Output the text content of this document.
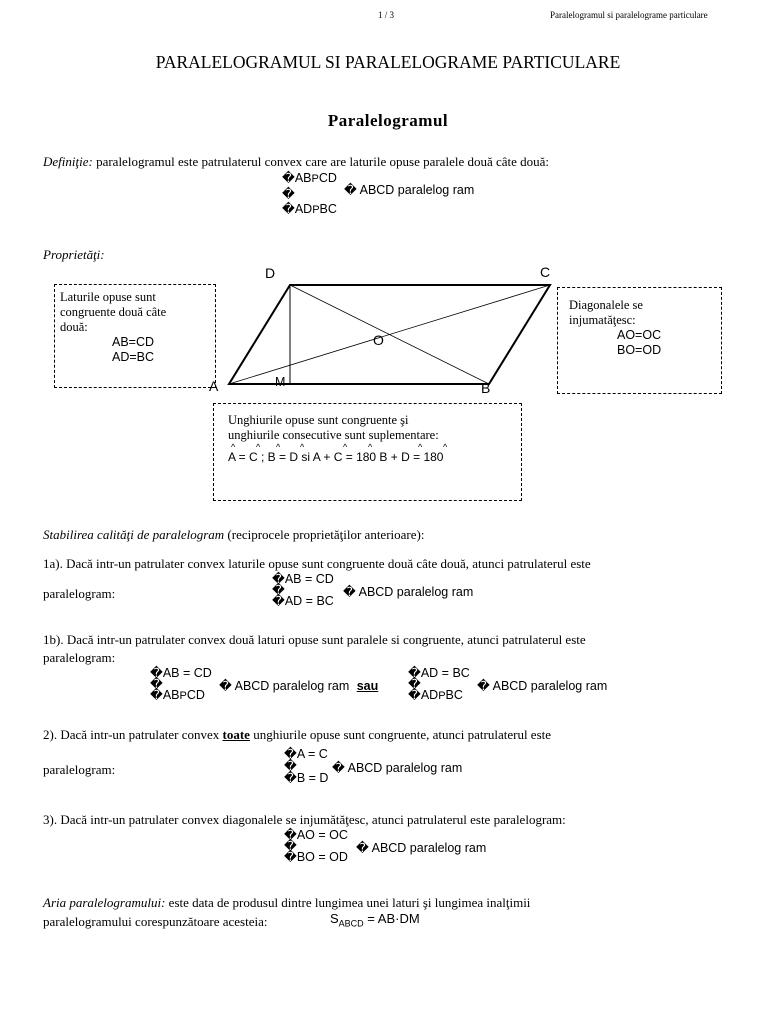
1 / 3	Paralelogramul si paralelograme particulare
PARALELOGRAMUL SI PARALELOGRAME PARTICULARE
Paralelogramul
Definiţie: paralelogramul este patrulaterul convex care are laturile opuse paralele două câte două:
�ABPCD
�
�ADPBC
� ABCD paralelog ram
Proprietăţi:
Laturile opuse sunt
congruente două câte
două:
AB=CD
AD=BC
Diagonalele se
injumatăţesc:
AO=OC
BO=OD
D	C
A	B
O
M
Unghiurile opuse sunt congruente şi
unghiurile consecutive sunt suplementare:
A = C ; B = D si A + C = 180 B + D = 180
^ ^ ^ ^	^ ^	^ ^
Stabilirea calităţi de paralelogram (reciprocele proprietăţilor anterioare):
1a). Dacă intr-un patrulater convex laturile opuse sunt congruente două câte două, atunci patrulaterul este
paralelogram:
�AB = CD
�
�AD = BC
� ABCD paralelog ram
1b). Dacă intr-un patrulater convex două laturi opuse sunt paralele si congruente, atunci patrulaterul este
paralelogram:
�AB = CD
�
�ABPCD
� ABCD paralelog ram sau
�AD = BC
�
�ADPBC
� ABCD paralelog ram
2). Dacă intr-un patrulater convex toate unghiurile opuse sunt congruente, atunci patrulaterul este
paralelogram:
�A = C
�
�B = D
� ABCD paralelog ram
3). Dacă intr-un patrulater convex diagonalele se injumătăţesc, atunci patrulaterul este paralelogram:
�AO = OC
�
�BO = OD
� ABCD paralelog ram
Aria paralelogramului: este data de produsul dintre lungimea unei laturi şi lungimea inalţimii
paralelogramului corespunzătoare acesteia:	$S_{ABCD} = AB\cdot DM$
